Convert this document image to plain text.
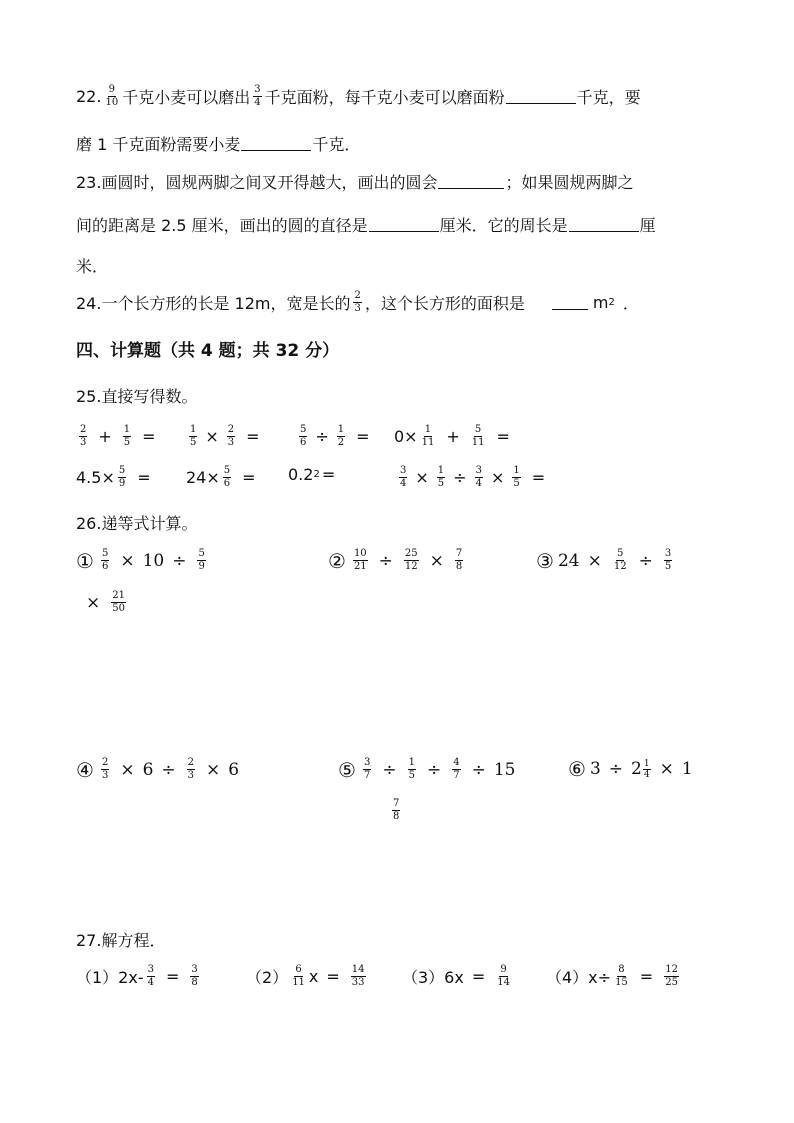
22. $\frac{9}{10}$ 千克小麦可以磨出 $\frac{3}{4}$ 千克面粉，每千克小麦可以磨面粉	千克，要
磨 1 千克面粉需要小麦	千克．
23.画圆时，圆规两脚之间叉开得越大，画出的圆会	；如果圆规两脚之
间的距离是 2.5 厘米，画出的圆的直径是	厘米．它的周长是	厘
米．
24.一个长方形的长是 12m，宽是长的 $\frac{2}{3}$ ，这个长方形的面积是	m 2 ．
四、计算题（共 4 题；共 32 分）
25.直接写得数。
$\frac{2}{3} + \frac{1}{5}$ =	$\frac{1}{5} \times \frac{2}{3}$ =	$\frac{5}{6} \div \frac{1}{2} = 0\times \frac{1}{11} + \frac{5}{11}$ =
$4.5\times \frac{5}{9} = 24\times \frac{5}{6} = 0.2$ 2 =	$\frac{3}{4} \times \frac{1}{5} \div \frac{3}{4} \times \frac{1}{5}$ =
26.递等式计算。
① $\frac{5}{6} \times 10 \div \frac{5}{9}$
× $\frac{21}{50}$
② $\frac{10}{21} \div \frac{25}{12} \times \frac{7}{8}$	③ $24 \times \frac{5}{12} \div \frac{3}{5}$
④ $\frac{2}{3} \times 6 \div \frac{2}{3} \times 6$	⑤ $\frac{3}{7} \div \frac{1}{5} \div \frac{4}{7} \div 15$
$\frac{7}{8}$
⑥ $3 \div 2 \frac{1}{4} \times 1$
27.解方程．
$(1)2x- \frac{3}{4} = \frac{3}{8}$	$(2) \frac{6}{11}$ $x = \frac{14}{33} (3)6x = \frac{9}{14} (4)x\div \frac{8}{15} = \frac{12}{25}$
